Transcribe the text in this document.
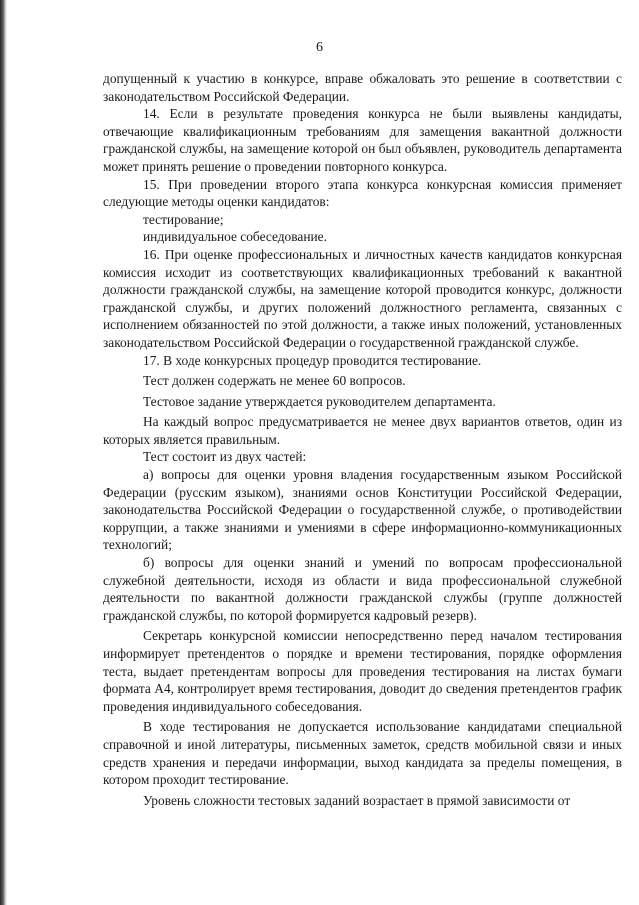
6

допущенный к участию в конкурсе, вправе обжаловать это решение в соответствии с законодательством Российской Федерации.

14. Если в результате проведения конкурса не были выявлены кандидаты, отвечающие квалификационным требованиям для замещения вакантной должности гражданской службы, на замещение которой он был объявлен, руководитель департамента может принять решение о проведении повторного конкурса.

15. При проведении второго этапа конкурса конкурсная комиссия применяет следующие методы оценки кандидатов:

тестирование;

индивидуальное собеседование.

16. При оценке профессиональных и личностных качеств кандидатов конкурсная комиссия исходит из соответствующих квалификационных требований к вакантной должности гражданской службы, на замещение которой проводится конкурс, должности гражданской службы, и других положений должностного регламента, связанных с исполнением обязанностей по этой должности, а также иных положений, установленных законодательством Российской Федерации о государственной гражданской службе.

17. В ходе конкурсных процедур проводится тестирование.

Тест должен содержать не менее 60 вопросов.

Тестовое задание утверждается руководителем департамента.

На каждый вопрос предусматривается не менее двух вариантов ответов, один из которых является правильным.

Тест состоит из двух частей:

а) вопросы для оценки уровня владения государственным языком Российской Федерации (русским языком), знаниями основ Конституции Российской Федерации, законодательства Российской Федерации о государственной службе, о противодействии коррупции, а также знаниями и умениями в сфере информационно-коммуникационных технологий;

б) вопросы для оценки знаний и умений по вопросам профессиональной служебной деятельности, исходя из области и вида профессиональной служебной деятельности по вакантной должности гражданской службы (группе должностей гражданской службы, по которой формируется кадровый резерв).

Секретарь конкурсной комиссии непосредственно перед началом тестирования информирует претендентов о порядке и времени тестирования, порядке оформления теста, выдает претендентам вопросы для проведения тестирования на листах бумаги формата А4, контролирует время тестирования, доводит до сведения претендентов график проведения индивидуального собеседования.

В ходе тестирования не допускается использование кандидатами специальной справочной и иной литературы, письменных заметок, средств мобильной связи и иных средств хранения и передачи информации, выход кандидата за пределы помещения, в котором проходит тестирование.

Уровень сложности тестовых заданий возрастает в прямой зависимости от
